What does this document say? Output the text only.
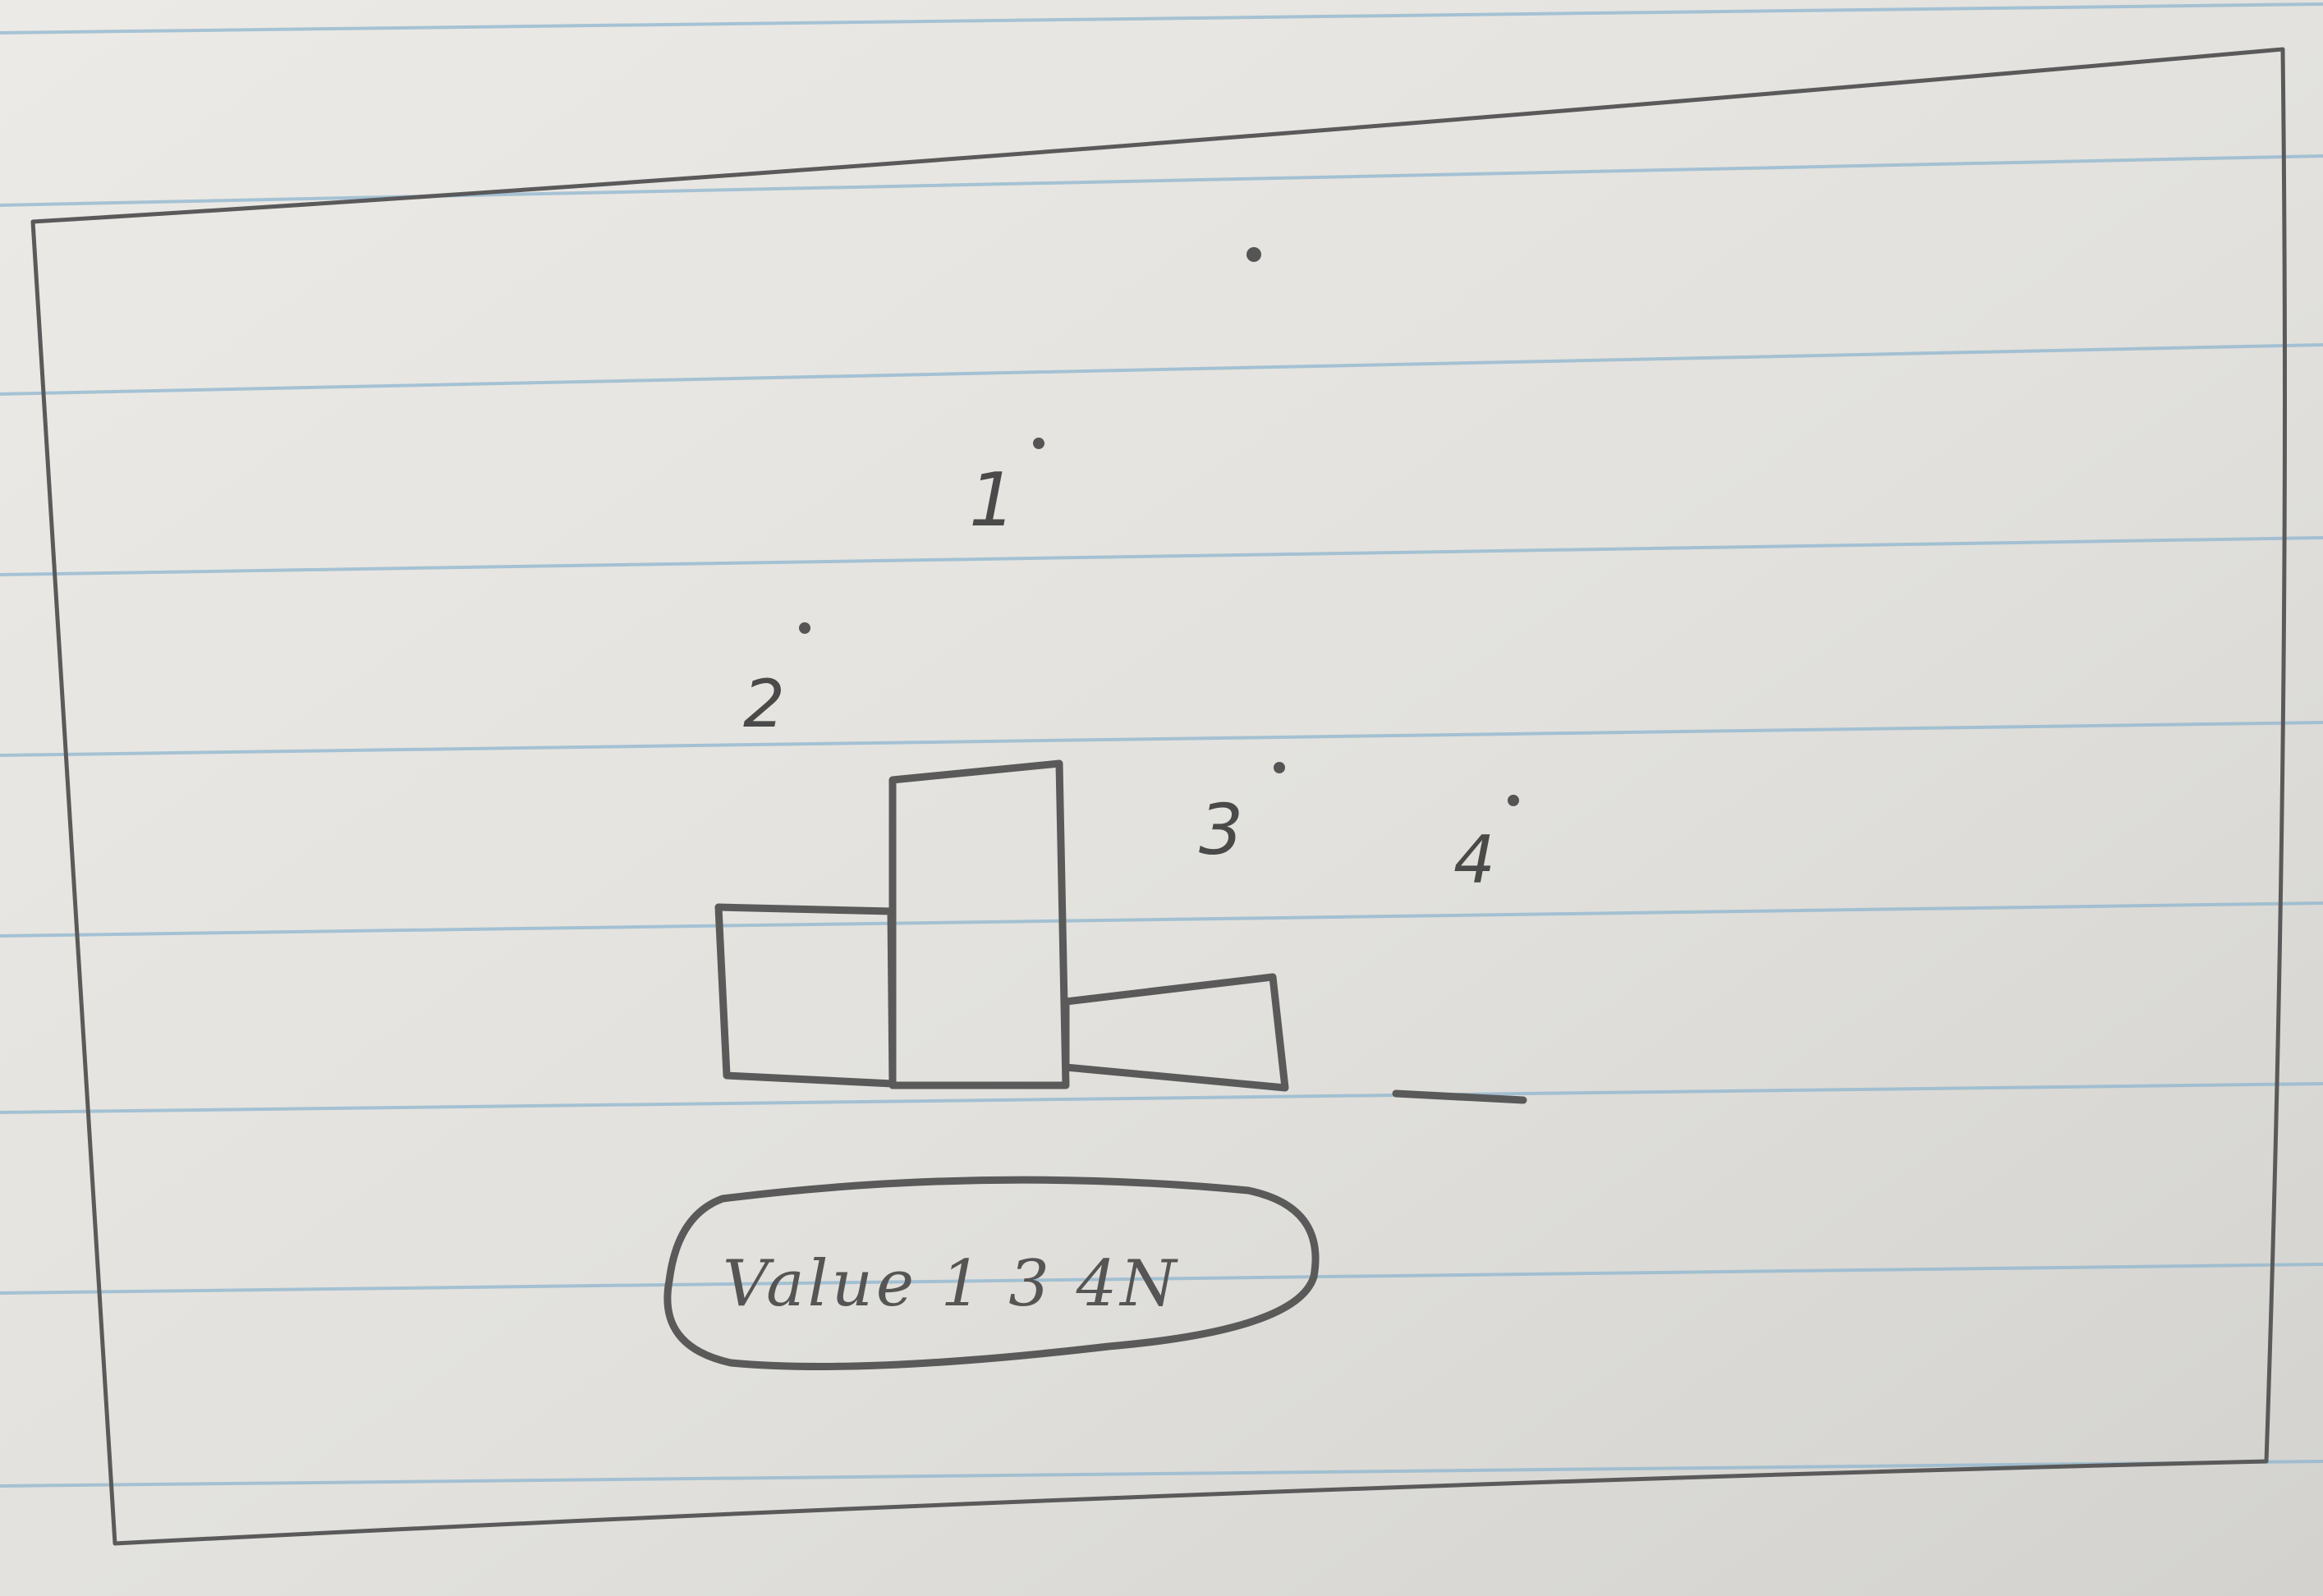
1
2
3	4
Value 1 3 4N
